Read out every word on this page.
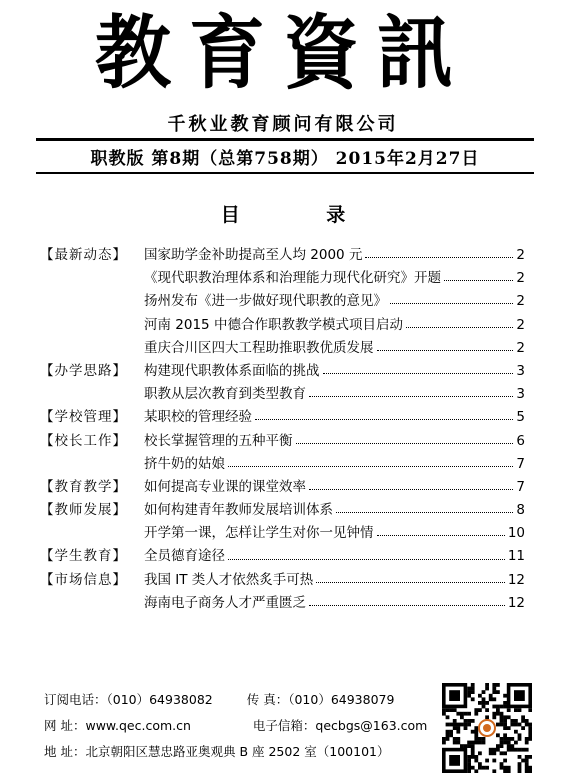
教育資訊
千秋业教育顾问有限公司
职教版 第8期（总第758期） 2015年2月27日
目 录
【最新动态】	国家助学金补助提高至人均 2000 元	2
《现代职教治理体系和治理能力现代化研究》开题	2
扬州发布《进一步做好现代职教的意见》	2
河南 2015 中德合作职教教学模式项目启动	2
重庆合川区四大工程助推职教优质发展	2
【办学思路】	构建现代职教体系面临的挑战	3
职教从层次教育到类型教育	3
【学校管理】	某职校的管理经验	5
【校长工作】	校长掌握管理的五种平衡	6
挤牛奶的姑娘	7
【教育教学】	如何提高专业课的课堂效率	7
【教师发展】	如何构建青年教师发展培训体系	8
开学第一课，怎样让学生对你一见钟情	10
【学生教育】	全员德育途径	11
【市场信息】	我国 IT 类人才依然炙手可热	12
海南电子商务人才严重匮乏	12
订阅电话：（010）64938082	传 真：（010）64938079
网 址：www.qec.com.cn	电子信箱：qecbgs@163.com
地 址：北京朝阳区慧忠路亚奥观典 B 座 2502 室（100101）
